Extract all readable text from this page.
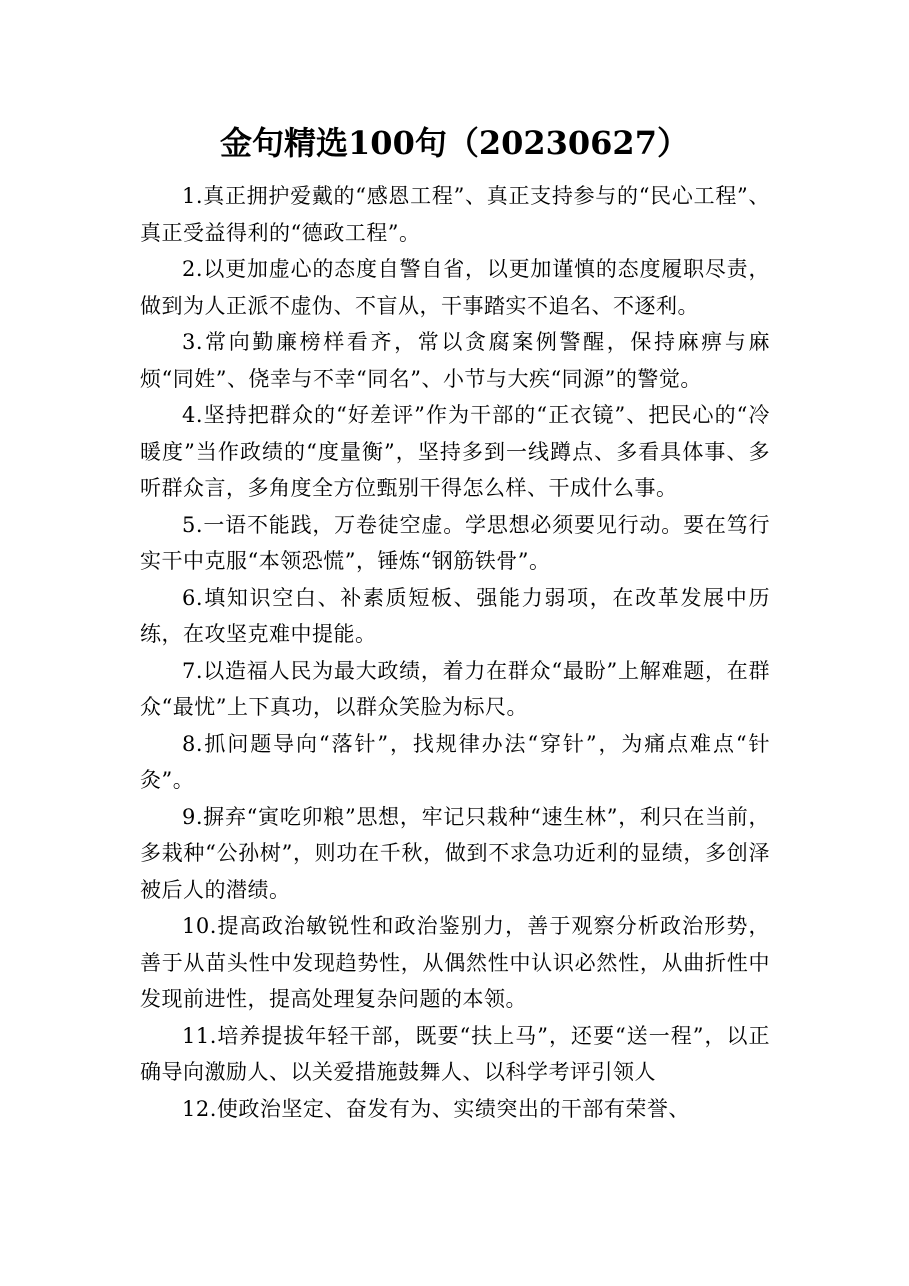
金句精选100句（20230627）

1.真正拥护爱戴的“感恩工程”、真正支持参与的“民心工程”、真正受益得利的“德政工程”。

2.以更加虚心的态度自警自省，以更加谨慎的态度履职尽责，做到为人正派不虚伪、不盲从，干事踏实不追名、不逐利。

3.常向勤廉榜样看齐，常以贪腐案例警醒，保持麻痹与麻烦“同姓”、侥幸与不幸“同名”、小节与大疾“同源”的警觉。

4.坚持把群众的“好差评”作为干部的“正衣镜”、把民心的“冷暖度”当作政绩的“度量衡”，坚持多到一线蹲点、多看具体事、多听群众言，多角度全方位甄别干得怎么样、干成什么事。

5.一语不能践，万卷徒空虚。学思想必须要见行动。要在笃行实干中克服“本领恐慌”，锤炼“钢筋铁骨”。

6.填知识空白、补素质短板、强能力弱项，在改革发展中历练，在攻坚克难中提能。

7.以造福人民为最大政绩，着力在群众“最盼”上解难题，在群众“最忧”上下真功，以群众笑脸为标尺。

8.抓问题导向“落针”，找规律办法“穿针”，为痛点难点“针灸”。

9.摒弃“寅吃卯粮”思想，牢记只栽种“速生林”，利只在当前，多栽种“公孙树”，则功在千秋，做到不求急功近利的显绩，多创泽被后人的潜绩。

10.提高政治敏锐性和政治鉴别力，善于观察分析政治形势，善于从苗头性中发现趋势性，从偶然性中认识必然性，从曲折性中发现前进性，提高处理复杂问题的本领。

11.培养提拔年轻干部，既要“扶上马”，还要“送一程”，以正确导向激励人、以关爱措施鼓舞人、以科学考评引领人

12.使政治坚定、奋发有为、实绩突出的干部有荣誉、
